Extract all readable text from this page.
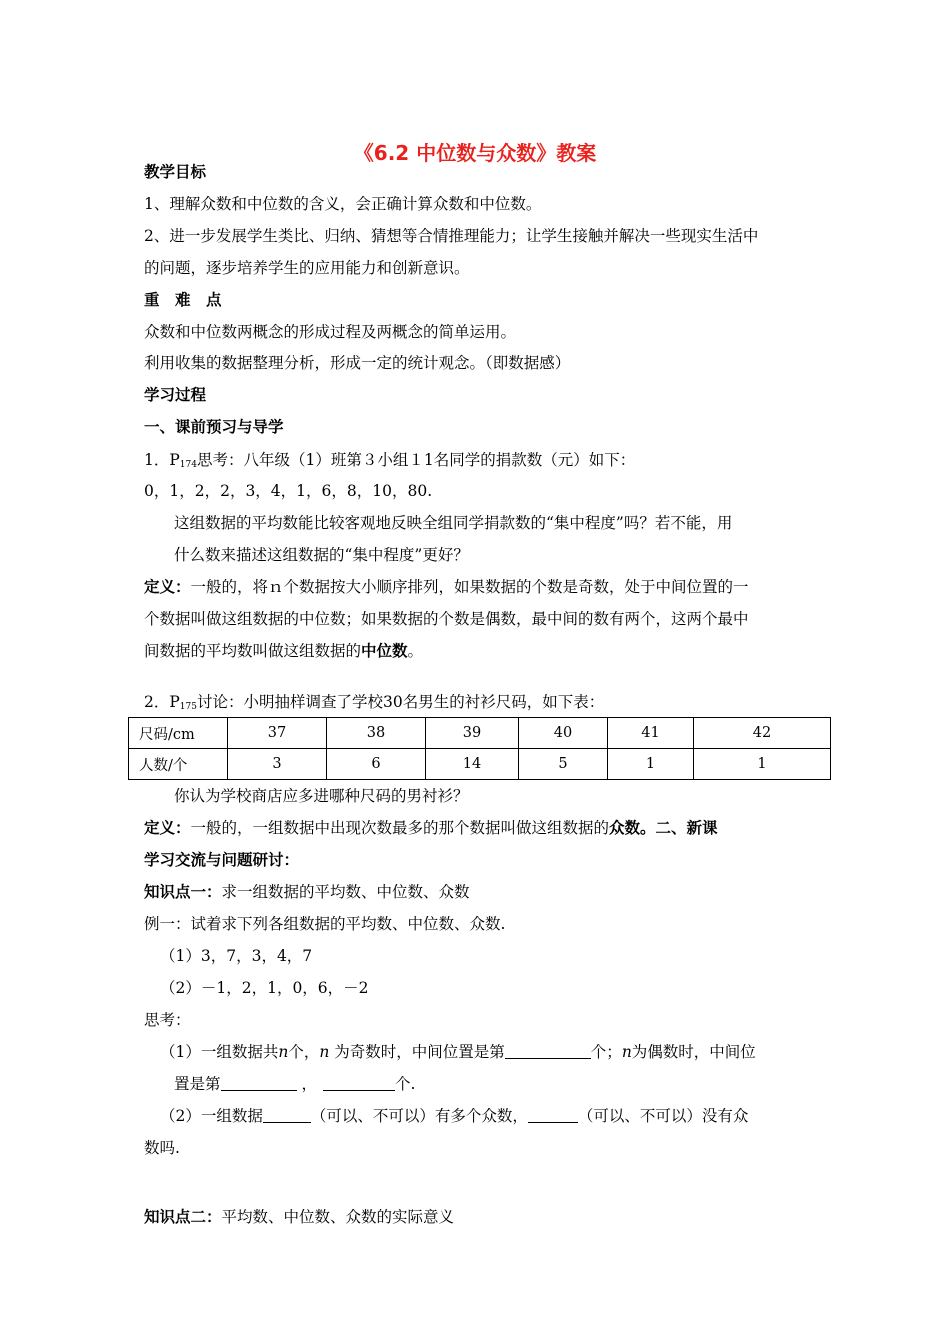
《6.2 中位数与众数》教案
教学目标
1、理解众数和中位数的含义，会正确计算众数和中位数。
2、进一步发展学生类比、归纳、猜想等合情推理能力；让学生接触并解决一些现实生活中
的问题，逐步培养学生的应用能力和创新意识。
重　难　点
众数和中位数两概念的形成过程及两概念的简单运用。
利用收集的数据整理分析，形成一定的统计观念。（即数据感）
学习过程
一、课前预习与导学
1．$P_{174}$思考：八年级（1）班第３小组１1名同学的捐款数（元）如下：
0，1，2，2，3，4，1，6，8，10，80.
这组数据的平均数能比较客观地反映全组同学捐款数的“集中程度”吗？若不能，用
什么数来描述这组数据的“集中程度”更好？
定义：一般的，将ｎ个数据按大小顺序排列，如果数据的个数是奇数，处于中间位置的一
个数据叫做这组数据的中位数；如果数据的个数是偶数，最中间的数有两个，这两个最中
间数据的平均数叫做这组数据的中位数。
2．$P_{175}$讨论：小明抽样调查了学校30名男生的衬衫尺码，如下表：
尺码/cm	37	38	39	40	41	42
人数/个	3	6	14	5	1	1
你认为学校商店应多进哪种尺码的男衬衫？
定义：一般的，一组数据中出现次数最多的那个数据叫做这组数据的众数。二、新课
学习交流与问题研讨：
知识点一：求一组数据的平均数、中位数、众数
例一：试着求下列各组数据的平均数、中位数、众数.
（1）3，7，3，4，7
（2）－1，2，1，0，6，－2
思考：
（1）一组数据共n个，n 为奇数时，中间位置是第	个；n为偶数时，中间位
置是第	，	个.
（2）一组数据	（可以、不可以）有多个众数，	（可以、不可以）没有众
数吗.
知识点二：平均数、中位数、众数的实际意义
